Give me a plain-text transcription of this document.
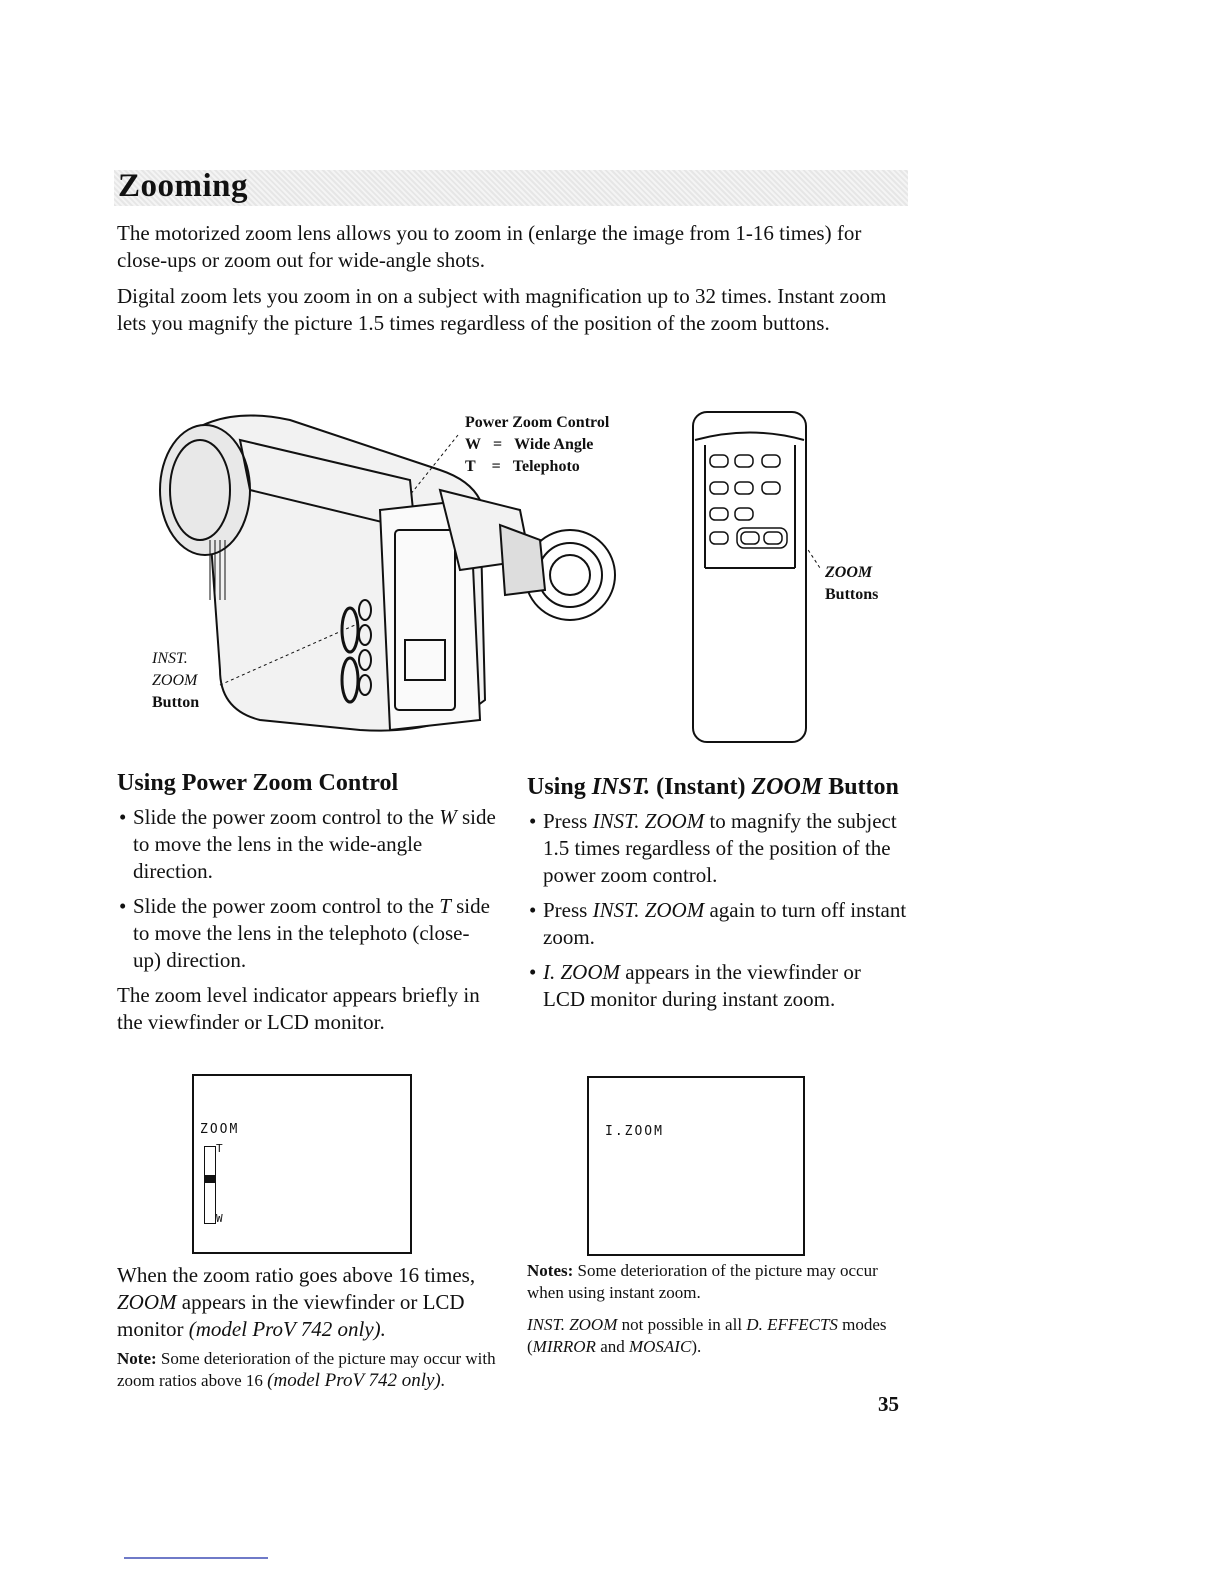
Zooming

The motorized zoom lens allows you to zoom in (enlarge the image from 1-16 times) for close-ups or zoom out for wide-angle shots.

Digital zoom lets you zoom in on a subject with magnification up to 32 times. Instant zoom lets you magnify the picture 1.5 times regardless of the position of the zoom buttons.

Power Zoom Control
W = Wide Angle
T = Telephoto
INST.
ZOOM
Button
ZOOM
Buttons
Using Power Zoom Control

• Slide the power zoom control to the W side to move the lens in the wide-angle direction.

• Slide the power zoom control to the T side to move the lens in the telephoto (close-up) direction.

The zoom level indicator appears briefly in the viewfinder or LCD monitor.

Using INST. (Instant) ZOOM Button

• Press INST. ZOOM to magnify the subject 1.5 times regardless of the position of the power zoom control.

• Press INST. ZOOM again to turn off instant zoom.

• I. ZOOM appears in the viewfinder or LCD monitor during instant zoom.

ZOOM
T
W
I.ZOOM

When the zoom ratio goes above 16 times, ZOOM appears in the viewfinder or LCD monitor (model ProV 742 only).

Note: Some deterioration of the picture may occur with zoom ratios above 16 (model ProV 742 only).

Notes: Some deterioration of the picture may occur when using instant zoom.

INST. ZOOM not possible in all D. EFFECTS modes (MIRROR and MOSAIC).

35
